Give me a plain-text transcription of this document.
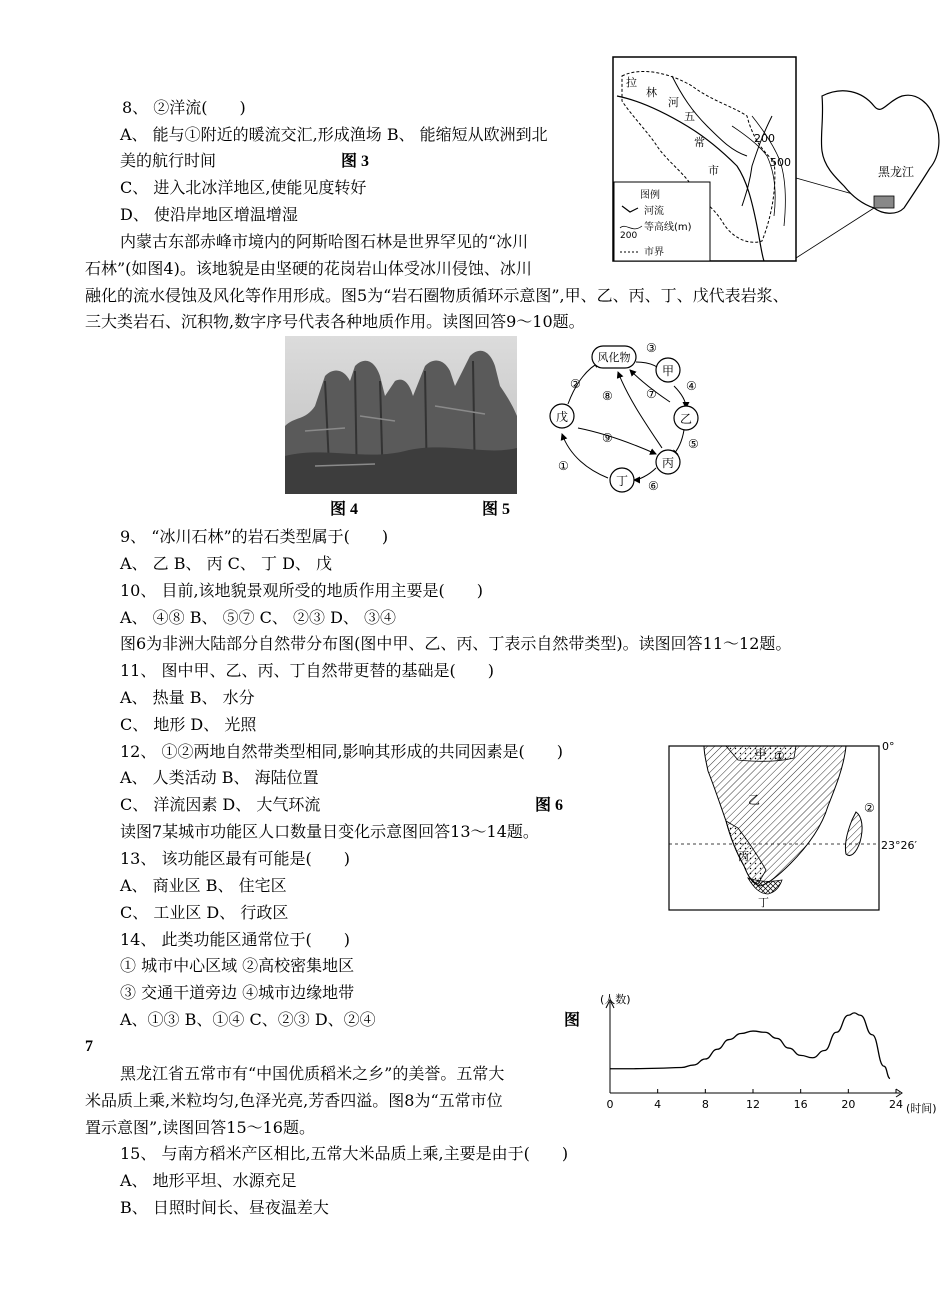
8、 ②洋流(　　)
A、 能与①附近的暖流交汇,形成渔场 B、 能缩短从欧洲到北
美的航行时间	图 3
C、 进入北冰洋地区,使能见度转好
D、 使沿岸地区增温增湿
拉
林
河
五
常
市
200
500
图例
河流
200
等高线(m)
市界
黑龙江
内蒙古东部赤峰市境内的阿斯哈图石林是世界罕见的“冰川
石林”(如图4)。该地貌是由坚硬的花岗岩山体受冰川侵蚀、冰川
融化的流水侵蚀及风化等作用形成。图5为“岩石圈物质循环示意图”,甲、乙、丙、丁、戊代表岩浆、
三大类岩石、沉积物,数字序号代表各种地质作用。读图回答9～10题。
风化物
甲
乙
丙
丁
戊
③
④
⑤
⑥
①
②
⑨
⑦
⑧
图 4	图 5
9、 “冰川石林”的岩石类型属于(　　)
A、 乙 B、 丙 C、 丁 D、 戊
10、 目前,该地貌景观所受的地质作用主要是(　　)
A、 ④⑧ B、 ⑤⑦ C、 ②③ D、 ③④
图6为非洲大陆部分自然带分布图(图中甲、乙、丙、丁表示自然带类型)。读图回答11～12题。
11、 图中甲、乙、丙、丁自然带更替的基础是(　　)
A、 热量 B、 水分
C、 地形 D、 光照
12、 ①②两地自然带类型相同,影响其形成的共同因素是(　　)
A、 人类活动 B、 海陆位置
C、 洋流因素 D、 大气环流	图 6
甲 ①
乙
丙
丁
②
0°
23°26′
读图7某城市功能区人口数量日变化示意图回答13～14题。
13、 该功能区最有可能是(　　)
A、 商业区 B、 住宅区
C、 工业区 D、 行政区
14、 此类功能区通常位于(　　)
① 城市中心区域 ②高校密集地区
③ 交通干道旁边 ④城市边缘地带
A、①③ B、①④ C、②③ D、②④	图
7
(人数)
(时间)
0	4	8	12	16	20	24
黑龙江省五常市有“中国优质稻米之乡”的美誉。五常大
米品质上乘,米粒均匀,色泽光亮,芳香四溢。图8为“五常市位
置示意图”,读图回答15～16题。
15、 与南方稻米产区相比,五常大米品质上乘,主要是由于(　　)
A、 地形平坦、水源充足
B、 日照时间长、昼夜温差大
